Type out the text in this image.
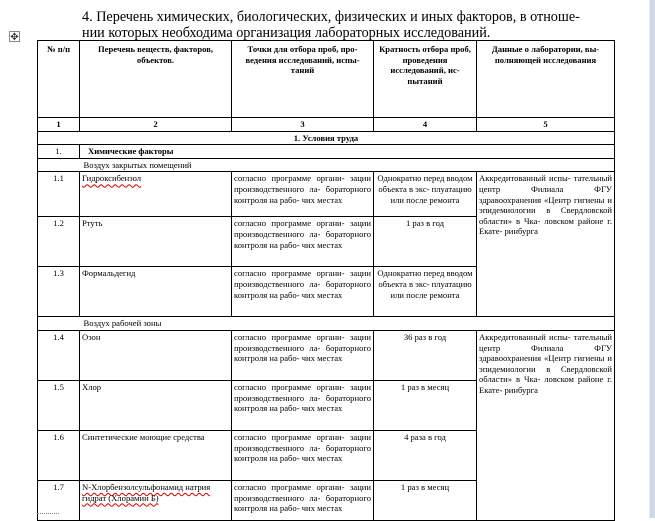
4. Перечень химических, биологических, физических и иных факторов, в отноше-
нии которых необходима организация лабораторных исследований.
✥
№ п/п	Перечень веществ, факторов, объектов.	Точки для отбора проб, про- ведения исследований, испы- таний	Кратность отбора проб, проведения исследований, ис- пытаний	Данные о лаборатории, вы- полняющей исследования
1	2	3	4	5
1. Условия труда				
1.	Химические факторы			
	Воздух закрытых помещений			
1.1	Гидроксибензол	согласно программе органи- зации производственного ла- бораторного контроля на рабо- чих местах	Однократно перед вводом объекта в экс- плуатацию или после ремонта	Аккредитованный испы- тательный центр Филиала ФГУ здравоохранения «Центр гигиены и эпидемиологии в Свердловской области» в Чка- ловском районе г. Екате- ринбурга
1.2	Ртуть	согласно программе органи- зации производственного ла- бораторного контроля на рабо- чих местах	1 раз в год	
1.3	Формальдегид	согласно программе органи- зации производственного ла- бораторного контроля на рабо- чих местах	Однократно перед вводом объекта в экс- плуатацию или после ремонта	
	Воздух рабочей зоны			
1.4	Озон	согласно программе органи- зации производственного ла- бораторного контроля на рабо- чих местах	36 раз в год	Аккредитованный испы- тательный центр Филиала ФГУ здравоохранения «Центр гигиены и эпидемиологии в Свердловской области» в Чка- ловском районе г. Екате- ринбурга
1.5	Хлор	согласно программе органи- зации производственного ла- бораторного контроля на рабо- чих местах	1 раз в месяц	
1.6	Синтетические моющие средства	согласно программе органи- зации производственного ла- бораторного контроля на рабо- чих местах	4 раза в год	
1.7	N-Хлорбензолсульфонамид натрия гидрат (Хлорамин Б)	согласно программе органи- зации производственного ла- бораторного контроля на рабо- чих местах	1 раз в месяц	
